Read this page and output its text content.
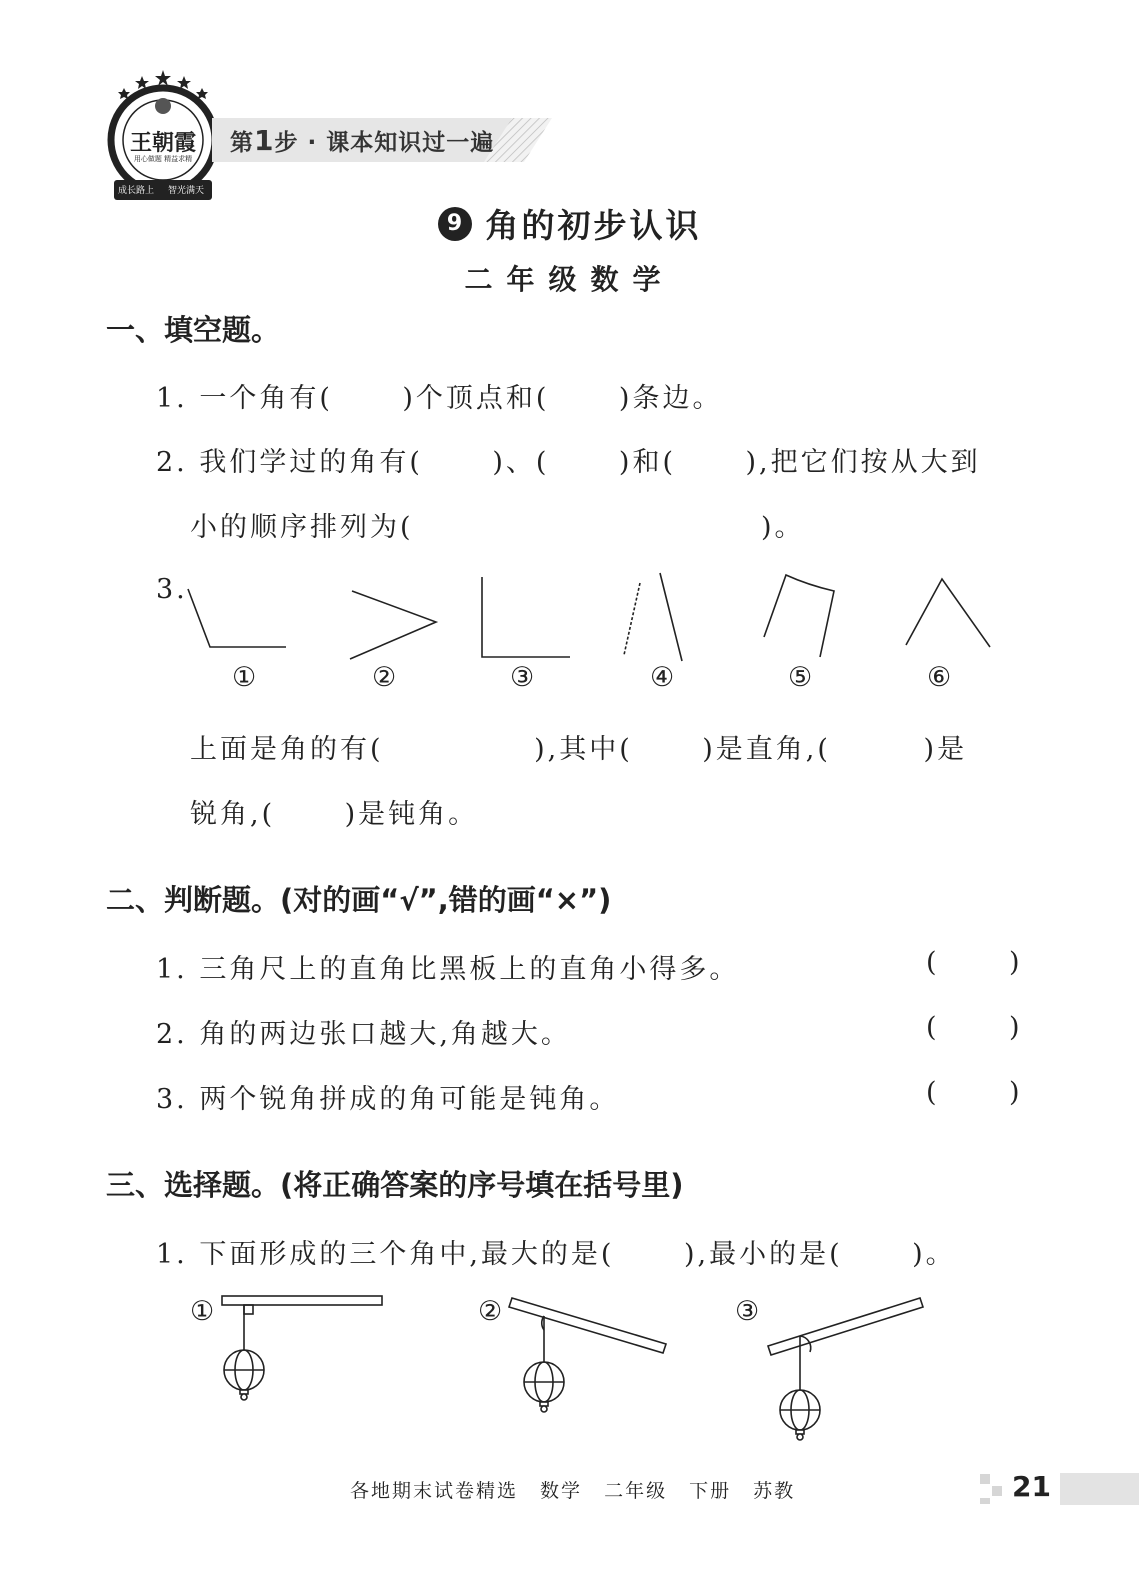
王朝霞
用心做题 精益求精
成长路上 智光满天
第1步 · 课本知识过一遍
9 角的初步认识
二年级数学
一、填空题。
1. 一个角有(      )个顶点和(      )条边。
2. 我们学过的角有(      )、(      )和(      ),把它们按从大到
小的顺序排列为(                              )。
3.
①	②	③	④	⑤	⑥
上面是角的有(             ),其中(      )是直角,(        )是
锐角,(      )是钝角。
二、判断题。(对的画“√”,错的画“×”)
1. 三角尺上的直角比黑板上的直角小得多。	(      )
2. 角的两边张口越大,角越大。	(      )
3. 两个锐角拼成的角可能是钝角。	(      )
三、选择题。(将正确答案的序号填在括号里)
1. 下面形成的三个角中,最大的是(      ),最小的是(      )。
①	②	③
各地期末试卷精选 数学 二年级 下册 苏教	21
